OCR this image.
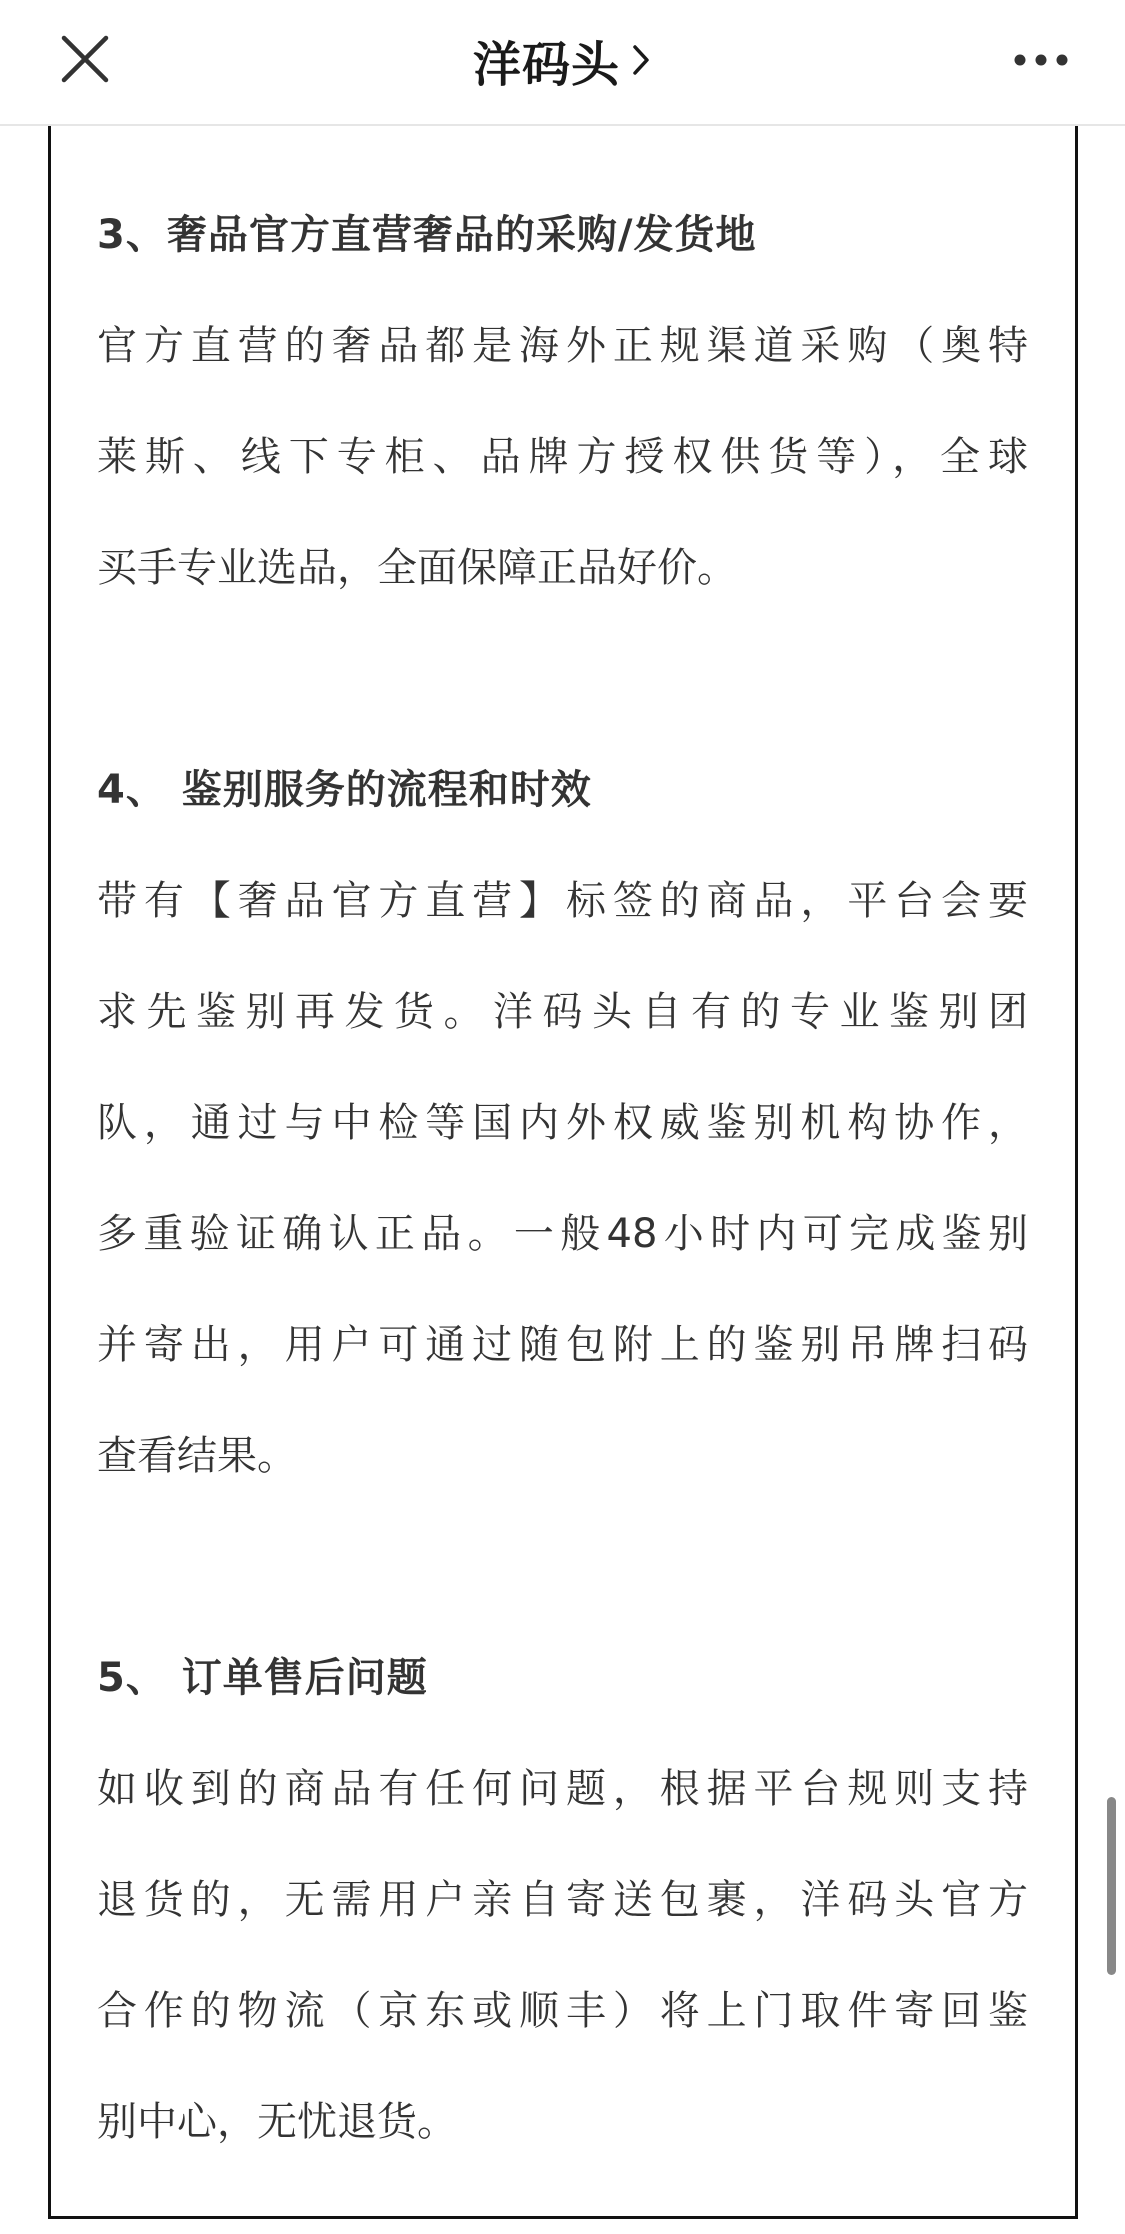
洋码头
3、奢品官方直营奢品的采购/发货地
官方直营的奢品都是海外正规渠道采购（奥特
莱斯、线下专柜、品牌方授权供货等），全球
买手专业选品，全面保障正品好价。
4、 鉴别服务的流程和时效
带有【奢品官方直营】标签的商品，平台会要
求先鉴别再发货。洋码头自有的专业鉴别团
队，通过与中检等国内外权威鉴别机构协作，
多重验证确认正品。一般48小时内可完成鉴别
并寄出，用户可通过随包附上的鉴别吊牌扫码
查看结果。
5、 订单售后问题
如收到的商品有任何问题，根据平台规则支持
退货的，无需用户亲自寄送包裹，洋码头官方
合作的物流（京东或顺丰）将上门取件寄回鉴
别中心，无忧退货。
